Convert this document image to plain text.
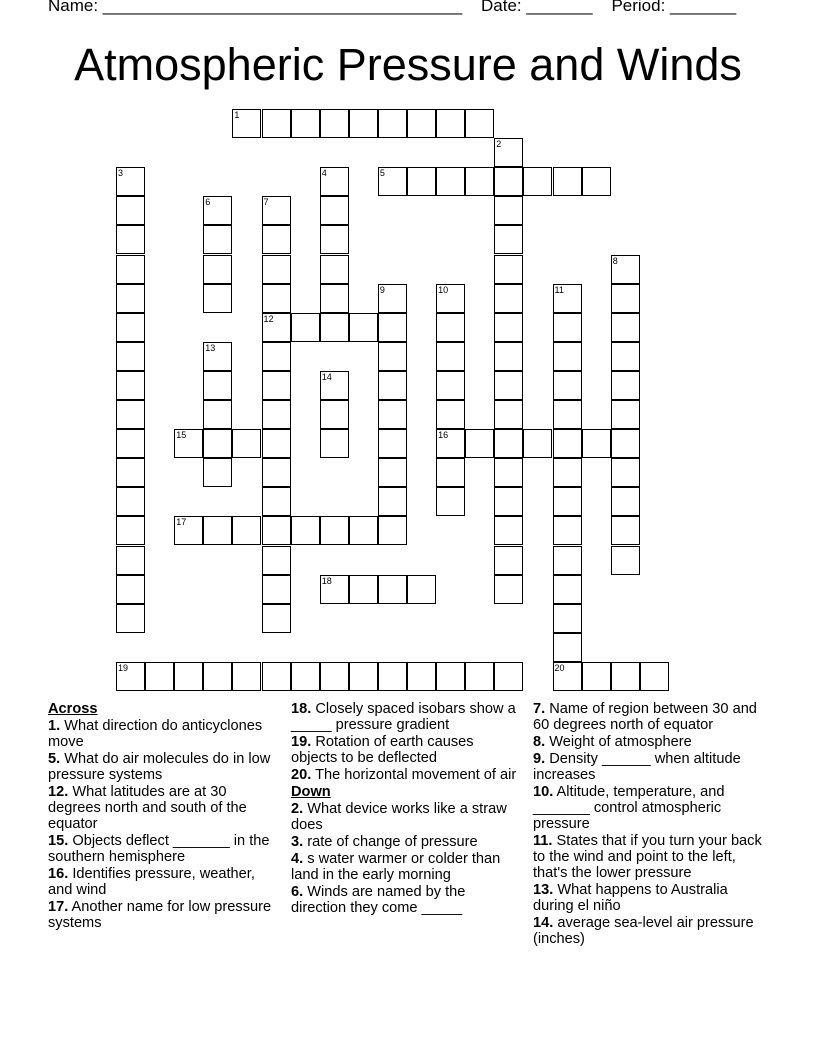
Name: ______________________________________ Date: _______ Period: _______
Atmospheric Pressure and Winds
1
2
3	4	5
6	7
12
8
9	10
16
11
20
13
14
15
17
18
19
Across
1. What direction do anticyclones move
5. What do air molecules do in low pressure systems
12. What latitudes are at 30 degrees north and south of the equator
15. Objects deflect _______ in the southern hemisphere
16. Identifies pressure, weather, and wind
17. Another name for low pressure systems
18. Closely spaced isobars show a _____ pressure gradient
19. Rotation of earth causes objects to be deflected
20. The horizontal movement of air
Down
2. What device works like a straw does
3. rate of change of pressure
4. s water warmer or colder than land in the early morning
6. Winds are named by the direction they come _____
7. Name of region between 30 and 60 degrees north of equator
8. Weight of atmosphere
9. Density ______ when altitude increases
10. Altitude, temperature, and _______ control atmospheric pressure
11. States that if you turn your back to the wind and point to the left, that's the lower pressure
13. What happens to Australia during el niño
14. average sea-level air pressure (inches)
